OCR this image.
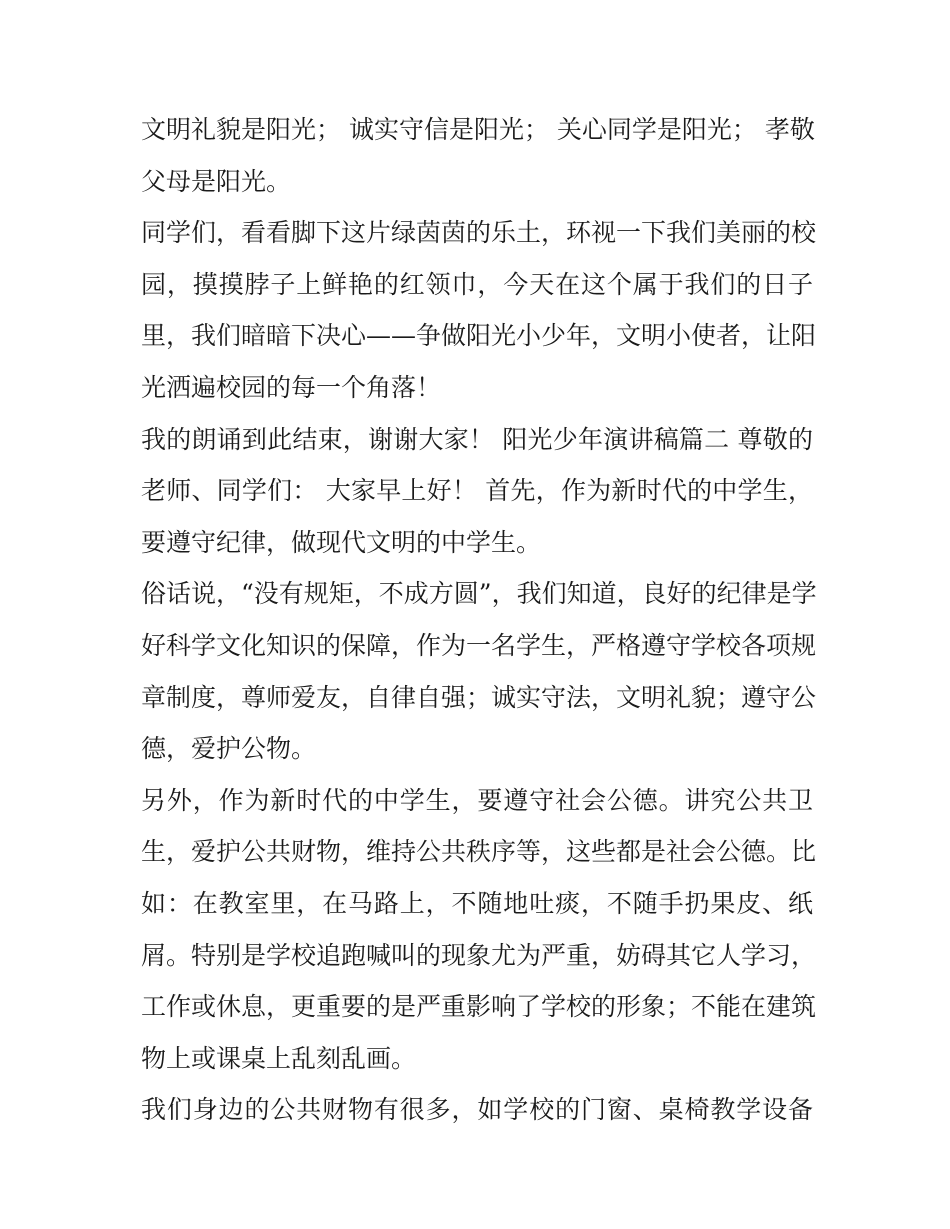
文明礼貌是阳光； 诚实守信是阳光； 关心同学是阳光； 孝敬
父母是阳光。
同学们，看看脚下这片绿茵茵的乐土，环视一下我们美丽的校
园，摸摸脖子上鲜艳的红领巾，今天在这个属于我们的日子
里，我们暗暗下决心——争做阳光小少年，文明小使者，让阳
光洒遍校园的每一个角落！
我的朗诵到此结束，谢谢大家！ 阳光少年演讲稿篇二 尊敬的
老师、同学们： 大家早上好！ 首先，作为新时代的中学生，
要遵守纪律，做现代文明的中学生。
俗话说，“没有规矩，不成方圆”，我们知道，良好的纪律是学
好科学文化知识的保障，作为一名学生，严格遵守学校各项规
章制度，尊师爱友，自律自强；诚实守法，文明礼貌；遵守公
德，爱护公物。
另外，作为新时代的中学生，要遵守社会公德。讲究公共卫
生，爱护公共财物，维持公共秩序等，这些都是社会公德。比
如：在教室里，在马路上，不随地吐痰，不随手扔果皮、纸
屑。特别是学校追跑喊叫的现象尤为严重，妨碍其它人学习，
工作或休息，更重要的是严重影响了学校的形象；不能在建筑
物上或课桌上乱刻乱画。
我们身边的公共财物有很多，如学校的门窗、桌椅教学设备
